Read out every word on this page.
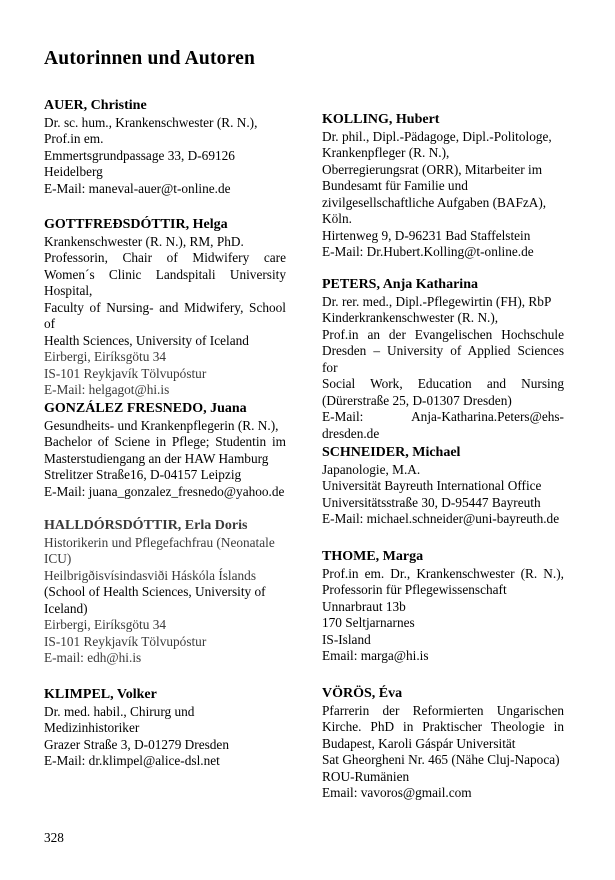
Autorinnen und Autoren
AUER, Christine
Dr. sc. hum., Krankenschwester (R. N.),
Prof.in em.
Emmertsgrundpassage 33, D-69126
Heidelberg
E-Mail: maneval-auer@t-online.de
GOTTFREÐSDÓTTIR, Helga
Krankenschwester (R. N.), RM, PhD.
Professorin, Chair of Midwifery care
Women´s Clinic Landspitali University
Hospital,
Faculty of Nursing- and Midwifery, School of
Health Sciences, University of Iceland
Eirbergi, Eiríksgötu 34
IS-101 Reykjavík Tölvupóstur
E-Mail: helgagot@hi.is
GONZÁLEZ FRESNEDO, Juana
Gesundheits- und Krankenpflegerin (R. N.),
Bachelor of Sciene in Pflege; Studentin im
Masterstudiengang an der HAW Hamburg
Strelitzer Straße16, D-04157 Leipzig
E-Mail: juana_gonzalez_fresnedo@yahoo.de
HALLDÓRSDÓTTIR, Erla Doris
Historikerin und Pflegefachfrau (Neonatale
ICU)
Heilbrigðisvísindasviði Háskóla Íslands
(School of Health Sciences, University of
Iceland)
Eirbergi, Eiríksgötu 34
IS-101 Reykjavík Tölvupóstur
E-mail: edh@hi.is
KLIMPEL, Volker
Dr. med. habil., Chirurg und
Medizinhistoriker
Grazer Straße 3, D-01279 Dresden
E-Mail: dr.klimpel@alice-dsl.net
KOLLING, Hubert
Dr. phil., Dipl.-Pädagoge, Dipl.-Politologe,
Krankenpfleger (R. N.),
Oberregierungsrat (ORR), Mitarbeiter im
Bundesamt für Familie und
zivilgesellschaftliche Aufgaben (BAFzA),
Köln.
Hirtenweg 9, D-96231 Bad Staffelstein
E-Mail: Dr.Hubert.Kolling@t-online.de
PETERS, Anja Katharina
Dr. rer. med., Dipl.-Pflegewirtin (FH), RbP
Kinderkrankenschwester (R. N.),
Prof.in an der Evangelischen Hochschule
Dresden – University of Applied Sciences for
Social Work, Education and Nursing
(Dürerstraße 25, D-01307 Dresden)
E-Mail: Anja-Katharina.Peters@ehs-
dresden.de
SCHNEIDER, Michael
Japanologie, M.A.
Universität Bayreuth International Office
Universitätsstraße 30, D-95447 Bayreuth
E-Mail: michael.schneider@uni-bayreuth.de
THOME, Marga
Prof.in em. Dr., Krankenschwester (R. N.),
Professorin für Pflegewissenschaft
Unnarbraut 13b
170 Seltjarnarnes
IS-Island
Email: marga@hi.is
VÖRÖS, Éva
Pfarrerin der Reformierten Ungarischen
Kirche. PhD in Praktischer Theologie in
Budapest, Karoli Gáspár Universität
Sat Gheorgheni Nr. 465 (Nähe Cluj-Napoca)
ROU-Rumänien
Email: vavoros@gmail.com
328
